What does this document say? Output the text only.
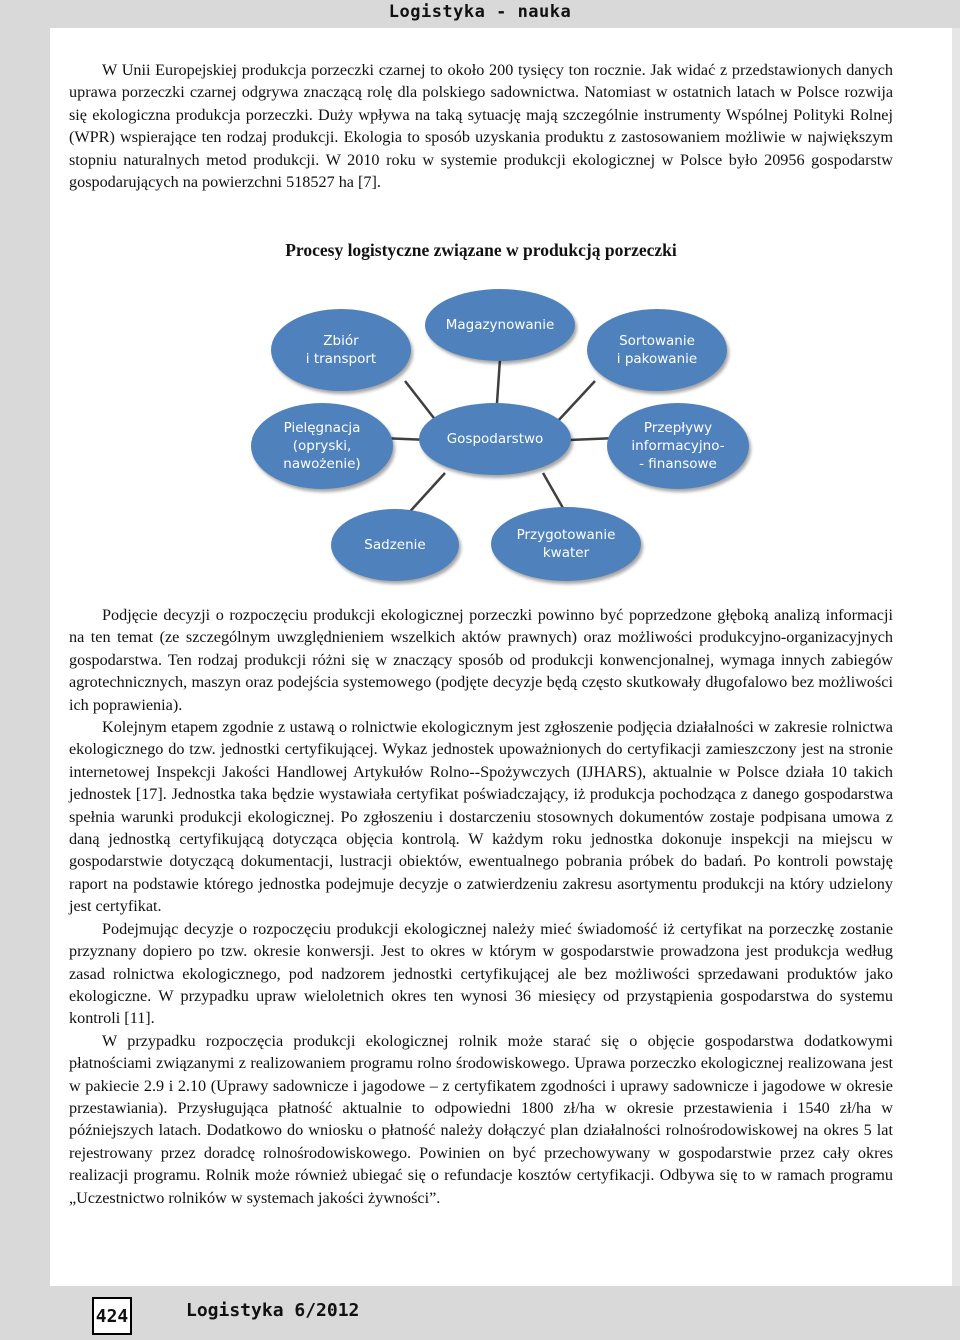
Logistyka - nauka

W Unii Europejskiej produkcja porzeczki czarnej to około 200 tysięcy ton rocznie. Jak widać z przedstawionych danych uprawa porzeczki czarnej odgrywa znaczącą rolę dla polskiego sadownictwa. Natomiast w ostatnich latach w Polsce rozwija się ekologiczna produkcja porzeczki. Duży wpływa na taką sytuację mają szczególnie instrumenty Wspólnej Polityki Rolnej (WPR) wspierające ten rodzaj produkcji. Ekologia to sposób uzyskania produktu z zastosowaniem możliwie w największym stopniu naturalnych metod produkcji. W 2010 roku w systemie produkcji ekologicznej w Polsce było 20956 gospodarstw gospodarujących na powierzchni 518527 ha [7].

Procesy logistyczne związane w produkcją porzeczki
Zbiór
i transport
Magazynowanie
Sortowanie
i pakowanie
Pielęgnacja
(opryski,
nawożenie)
Gospodarstwo
Przepływy
informacyjno-
- finansowe
Sadzenie
Przygotowanie
kwater

Podjęcie decyzji o rozpoczęciu produkcji ekologicznej porzeczki powinno być poprzedzone głęboką analizą informacji na ten temat (ze szczególnym uwzględnieniem wszelkich aktów prawnych) oraz możliwości produkcyjno-organizacyjnych gospodarstwa. Ten rodzaj produkcji różni się w znaczący sposób od produkcji konwencjonalnej, wymaga innych zabiegów agrotechnicznych, maszyn oraz podejścia systemowego (podjęte decyzje będą często skutkowały długofalowo bez możliwości ich poprawienia).

Kolejnym etapem zgodnie z ustawą o rolnictwie ekologicznym jest zgłoszenie podjęcia działalności w zakresie rolnictwa ekologicznego do tzw. jednostki certyfikującej. Wykaz jednostek upoważnionych do certyfikacji zamieszczony jest na stronie internetowej Inspekcji Jakości Handlowej Artykułów Rolno--Spożywczych (IJHARS), aktualnie w Polsce działa 10 takich jednostek [17]. Jednostka taka będzie wystawiała certyfikat poświadczający, iż produkcja pochodząca z danego gospodarstwa spełnia warunki produkcji ekologicznej. Po zgłoszeniu i dostarczeniu stosownych dokumentów zostaje podpisana umowa z daną jednostką certyfikującą dotycząca objęcia kontrolą. W każdym roku jednostka dokonuje inspekcji na miejscu w gospodarstwie dotyczącą dokumentacji, lustracji obiektów, ewentualnego pobrania próbek do badań. Po kontroli powstaję raport na podstawie którego jednostka podejmuje decyzje o zatwierdzeniu zakresu asortymentu produkcji na który udzielony jest certyfikat.

Podejmując decyzje o rozpoczęciu produkcji ekologicznej należy mieć świadomość iż certyfikat na porzeczkę zostanie przyznany dopiero po tzw. okresie konwersji. Jest to okres w którym w gospodarstwie prowadzona jest produkcja według zasad rolnictwa ekologicznego, pod nadzorem jednostki certyfikującej ale bez możliwości sprzedawani produktów jako ekologiczne. W przypadku upraw wieloletnich okres ten wynosi 36 miesięcy od przystąpienia gospodarstwa do systemu kontroli [11].

W przypadku rozpoczęcia produkcji ekologicznej rolnik może starać się o objęcie gospodarstwa dodatkowymi płatnościami związanymi z realizowaniem programu rolno środowiskowego. Uprawa porzeczko ekologicznej realizowana jest w pakiecie 2.9 i 2.10 (Uprawy sadownicze i jagodowe – z certyfikatem zgodności i uprawy sadownicze i jagodowe w okresie przestawiania). Przysługująca płatność aktualnie to odpowiedni 1800 zł/ha w okresie przestawienia i 1540 zł/ha w późniejszych latach. Dodatkowo do wniosku o płatność należy dołączyć plan działalności rolnośrodowiskowej na okres 5 lat rejestrowany przez doradcę rolnośrodowiskowego. Powinien on być przechowywany w gospodarstwie przez cały okres realizacji programu. Rolnik może również ubiegać się o refundacje kosztów certyfikacji. Odbywa się to w ramach programu „Uczestnictwo rolników w systemach jakości żywności”.

424	Logistyka 6/2012
